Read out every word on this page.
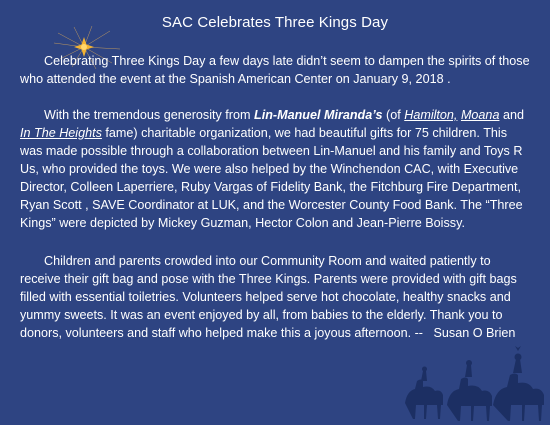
SAC Celebrates Three Kings Day

Celebrating Three Kings Day a few days late didn’t seem to dampen the spirits of those who attended the event at the Spanish American Center on January 9, 2018 .

With the tremendous generosity from Lin-Manuel Miranda’s (of Hamilton, Moana and In The Heights fame) charitable organization, we had beautiful gifts for 75 children. This was made possible through a collaboration between Lin-Manuel and his family and Toys R Us, who provided the toys. We were also helped by the Winchendon CAC, with Executive Director, Colleen Laperriere, Ruby Vargas of Fidelity Bank, the Fitchburg Fire Department, Ryan Scott , SAVE Coordinator at LUK, and the Worcester County Food Bank. The “Three Kings” were depicted by Mickey Guzman, Hector Colon and Jean-Pierre Boissy.

Children and parents crowded into our Community Room and waited patiently to receive their gift bag and pose with the Three Kings. Parents were provided with gift bags filled with essential toiletries. Volunteers helped serve hot chocolate, healthy snacks and yummy sweets. It was an event enjoyed by all, from babies to the elderly. Thank you to donors, volunteers and staff who helped make this a joyous afternoon. -- Susan O Brien
